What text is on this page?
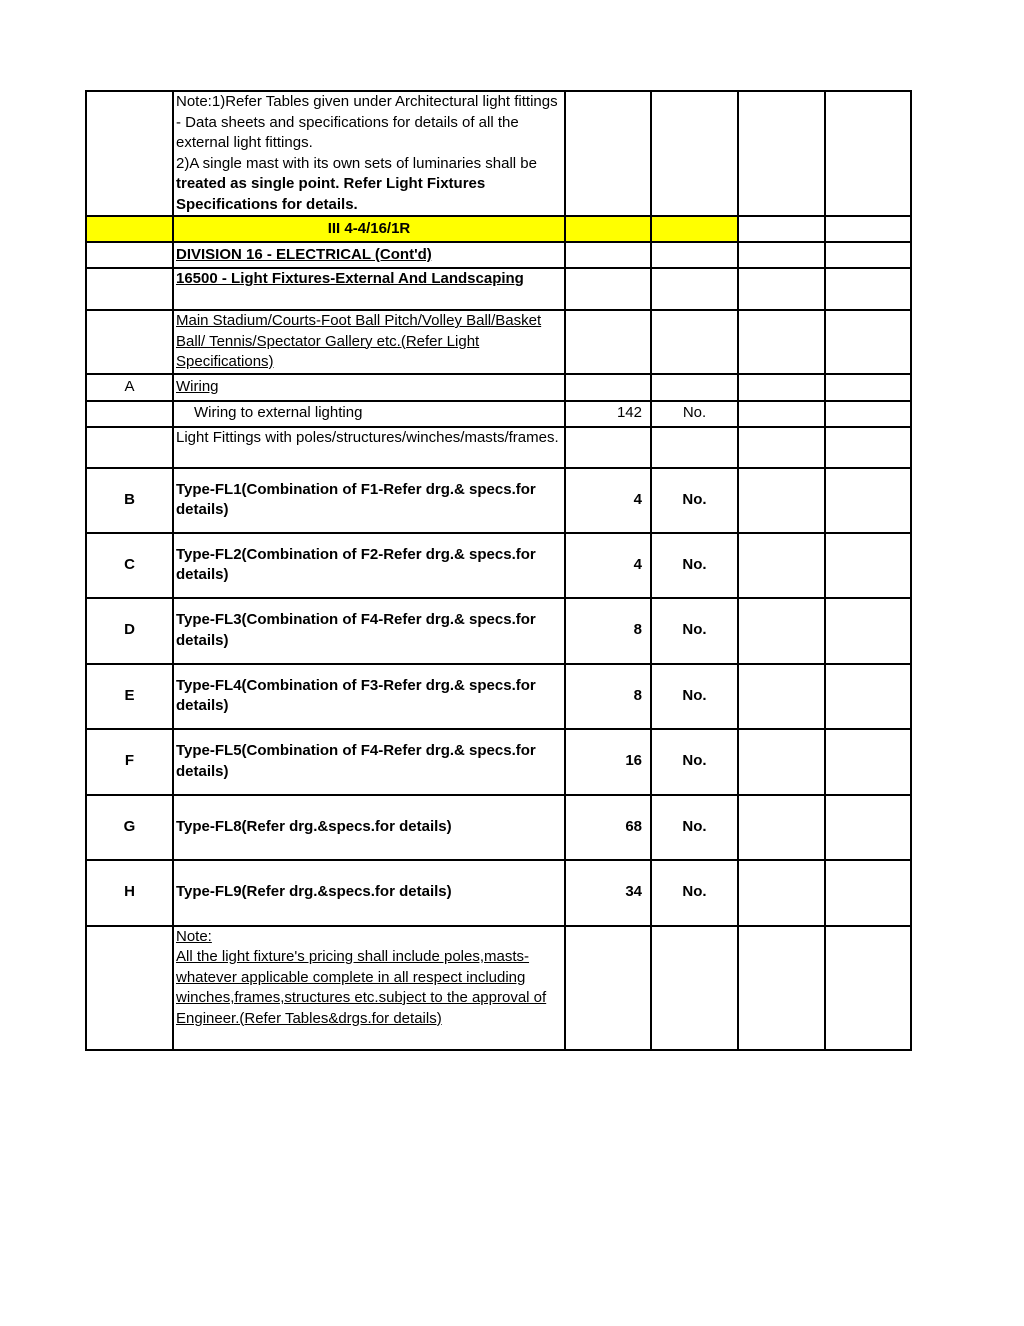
	Note:1)Refer Tables given under Architectural light fittings - Data sheets and specifications for details of all the external light fittings.
2)A single mast with its own sets of luminaries shall be treated as single point. Refer Light Fixtures Specifications for details.				
	III 4-4/16/1R				
	DIVISION 16 - ELECTRICAL (Cont'd)				
	16500 - Light Fixtures-External And Landscaping				
	Main Stadium/Courts-Foot Ball Pitch/Volley Ball/Basket Ball/ Tennis/Spectator Gallery etc.(Refer Light Specifications)				
A	Wiring				
	Wiring to external lighting	142	No.		
	Light Fittings with poles/structures/winches/masts/frames.				
B	Type-FL1(Combination of F1-Refer drg.& specs.for details)	4	No.		
C	Type-FL2(Combination of F2-Refer drg.& specs.for details)	4	No.		
D	Type-FL3(Combination of F4-Refer drg.& specs.for details)	8	No.		
E	Type-FL4(Combination of F3-Refer drg.& specs.for details)	8	No.		
F	Type-FL5(Combination of F4-Refer drg.& specs.for details)	16	No.		
G	Type-FL8(Refer drg.&specs.for details)	68	No.		
H	Type-FL9(Refer drg.&specs.for details)	34	No.		
	Note:
All the light fixture's pricing shall include poles,masts-whatever applicable complete in all respect including winches,frames,structures etc.subject to the approval of Engineer.(Refer Tables&drgs.for details)				
